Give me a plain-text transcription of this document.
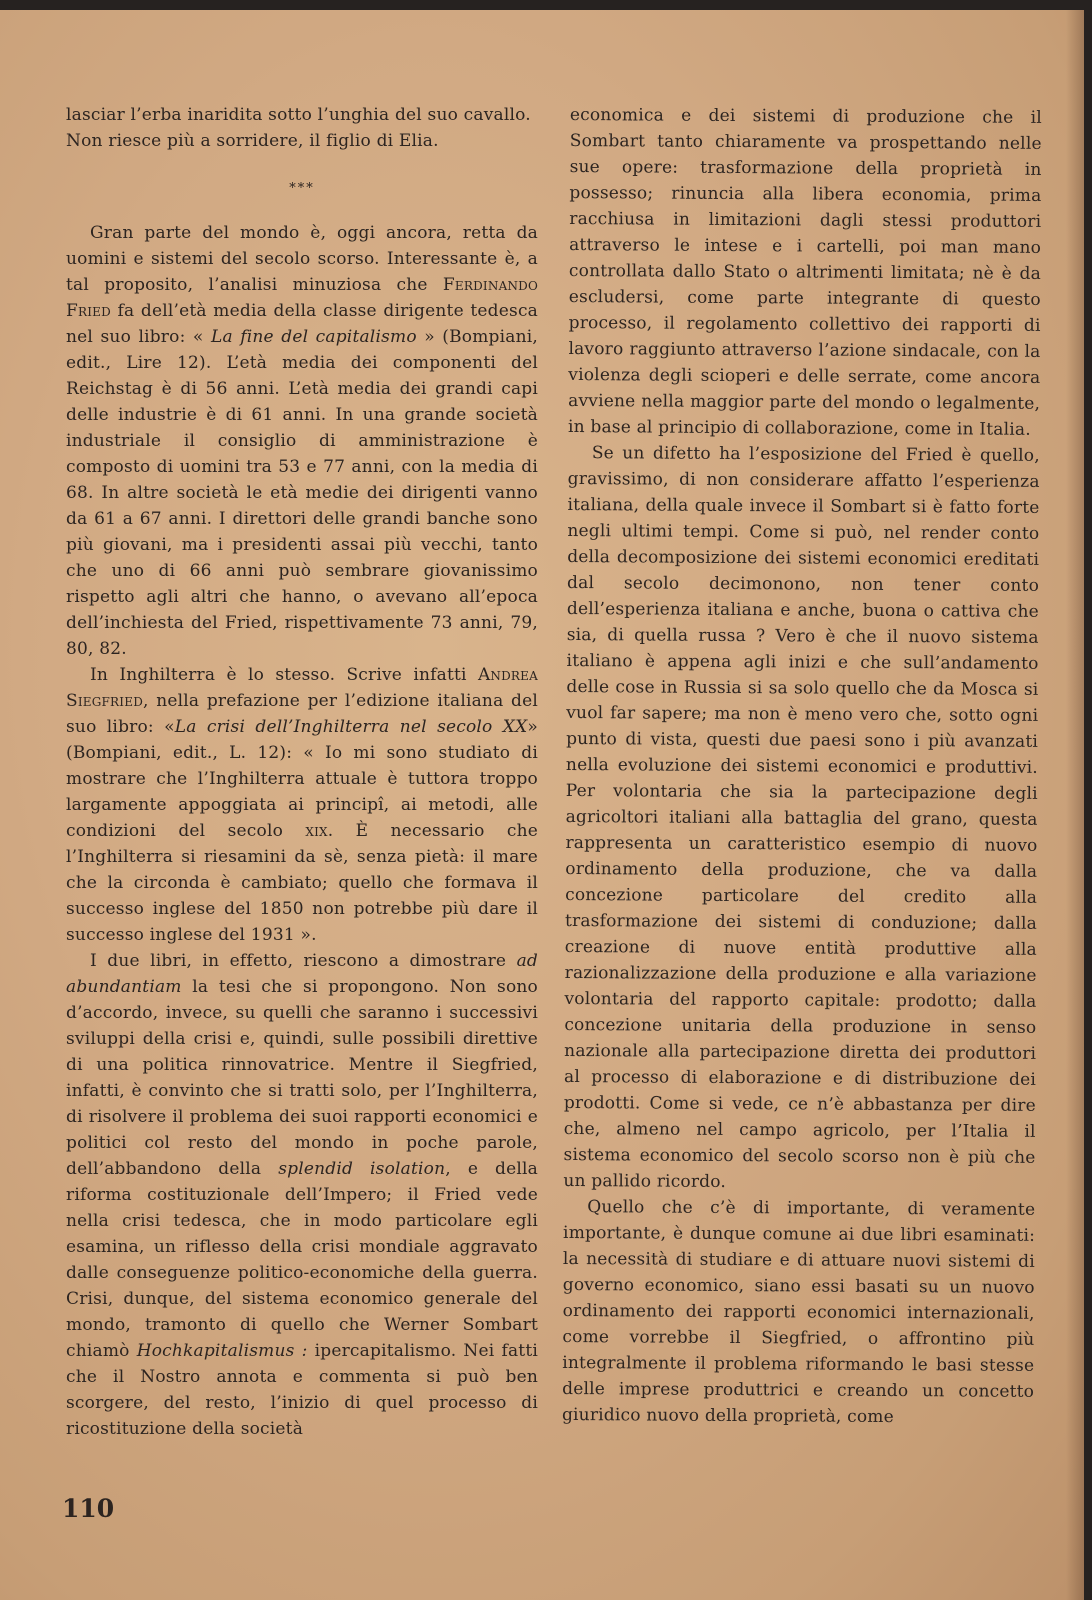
lasciar l’erba inaridita sotto l’unghia del suo cavallo. Non riesce più a sorridere, il figlio di Elia.

***

Gran parte del mondo è, oggi ancora, retta da uomini e sistemi del secolo scorso. Interessante è, a tal proposito, l’analisi minuziosa che Ferdinando Fried fa dell’età media della classe dirigente tedesca nel suo libro: « La fine del capitalismo » (Bompiani, edit., Lire 12). L’età media dei componenti del Reichstag è di 56 anni. L’età media dei grandi capi delle industrie è di 61 anni. In una grande società industriale il consiglio di amministrazione è composto di uomini tra 53 e 77 anni, con la media di 68. In altre società le età medie dei dirigenti vanno da 61 a 67 anni. I direttori delle grandi banche sono più giovani, ma i presidenti assai più vecchi, tanto che uno di 66 anni può sembrare giovanissimo rispetto agli altri che hanno, o avevano all’epoca dell’inchiesta del Fried, rispettivamente 73 anni, 79, 80, 82.

In Inghilterra è lo stesso. Scrive infatti Andrea Siegfried, nella prefazione per l’edizione italiana del suo libro: «La crisi dell’Inghilterra nel secolo XX» (Bompiani, edit., L. 12): « Io mi sono studiato di mostrare che l’Inghilterra attuale è tuttora troppo largamente appoggiata ai principî, ai metodi, alle condizioni del secolo xix. È necessario che l’Inghilterra si riesamini da sè, senza pietà: il mare che la circonda è cambiato; quello che formava il successo inglese del 1850 non potrebbe più dare il successo inglese del 1931 ».

I due libri, in effetto, riescono a dimostrare ad abundantiam la tesi che si propongono. Non sono d’accordo, invece, su quelli che saranno i successivi sviluppi della crisi e, quindi, sulle possibili direttive di una politica rinnovatrice. Mentre il Siegfried, infatti, è convinto che si tratti solo, per l’Inghilterra, di risolvere il problema dei suoi rapporti economici e politici col resto del mondo in poche parole, dell’abbandono della splendid isolation, e della riforma costituzionale dell’Impero; il Fried vede nella crisi tedesca, che in modo particolare egli esamina, un riflesso della crisi mondiale aggravato dalle conseguenze politico-economiche della guerra. Crisi, dunque, del sistema economico generale del mondo, tramonto di quello che Werner Sombart chiamò Hochkapitalismus : ipercapitalismo. Nei fatti che il Nostro annota e commenta si può ben scorgere, del resto, l’inizio di quel processo di ricostituzione della società

economica e dei sistemi di produzione che il Sombart tanto chiaramente va prospettando nelle sue opere: trasformazione della proprietà in possesso; rinuncia alla libera economia, prima racchiusa in limitazioni dagli stessi produttori attraverso le intese e i cartelli, poi man mano controllata dallo Stato o altrimenti limitata; nè è da escludersi, come parte integrante di questo processo, il regolamento collettivo dei rapporti di lavoro raggiunto attraverso l’azione sindacale, con la violenza degli scioperi e delle serrate, come ancora avviene nella maggior parte del mondo o legalmente, in base al principio di collaborazione, come in Italia.

Se un difetto ha l’esposizione del Fried è quello, gravissimo, di non considerare affatto l’esperienza italiana, della quale invece il Sombart si è fatto forte negli ultimi tempi. Come si può, nel render conto della decomposizione dei sistemi economici ereditati dal secolo decimonono, non tener conto dell’esperienza italiana e anche, buona o cattiva che sia, di quella russa ? Vero è che il nuovo sistema italiano è appena agli inizi e che sull’andamento delle cose in Russia si sa solo quello che da Mosca si vuol far sapere; ma non è meno vero che, sotto ogni punto di vista, questi due paesi sono i più avanzati nella evoluzione dei sistemi economici e produttivi. Per volontaria che sia la partecipazione degli agricoltori italiani alla battaglia del grano, questa rappresenta un caratteristico esempio di nuovo ordinamento della produzione, che va dalla concezione particolare del credito alla trasformazione dei sistemi di conduzione; dalla creazione di nuove entità produttive alla razionalizzazione della produzione e alla variazione volontaria del rapporto capitale: prodotto; dalla concezione unitaria della produzione in senso nazionale alla partecipazione diretta dei produttori al processo di elaborazione e di distribuzione dei prodotti. Come si vede, ce n’è abbastanza per dire che, almeno nel campo agricolo, per l’Italia il sistema economico del secolo scorso non è più che un pallido ricordo.

Quello che c’è di importante, di veramente importante, è dunque comune ai due libri esaminati: la necessità di studiare e di attuare nuovi sistemi di governo economico, siano essi basati su un nuovo ordinamento dei rapporti economici internazionali, come vorrebbe il Siegfried, o affrontino più integralmente il problema riformando le basi stesse delle imprese produttrici e creando un concetto giuridico nuovo della proprietà, come

110
